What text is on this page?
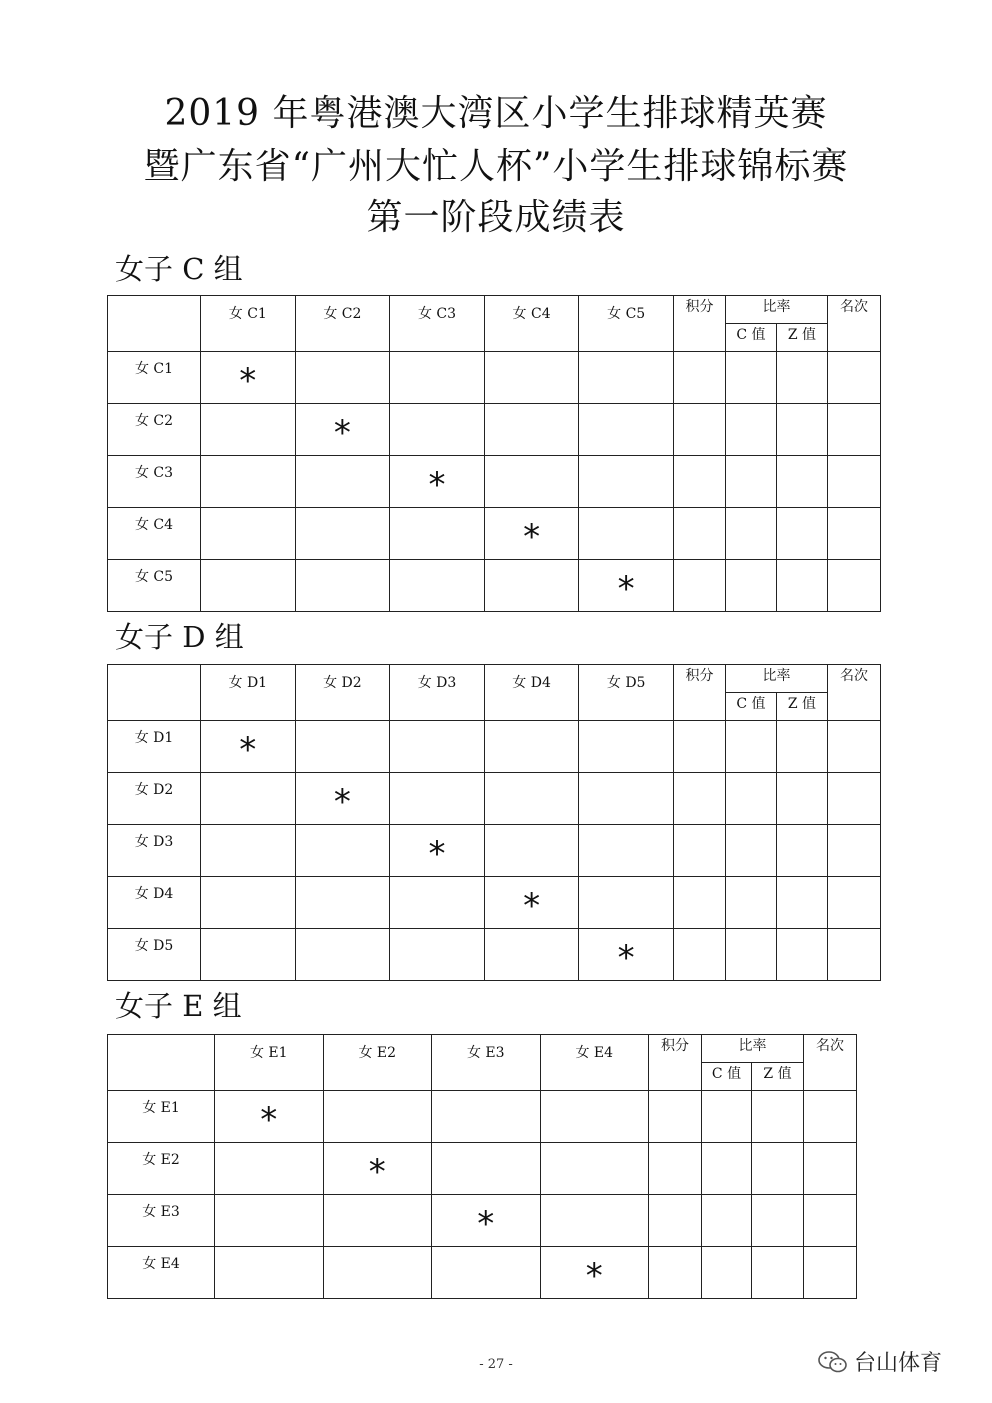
2019 年粤港澳大湾区小学生排球精英赛
暨广东省“广州大忙人杯”小学生排球锦标赛
第一阶段成绩表
女子 C 组

	女 C1	女 C2	女 C3	女 C4	女 C5	积分	比率		名次
							C 值	Z 值	

女 C1	*								

女 C2		*							

女 C3			*						

女 C4				*					

女 C5					*				

女子 D 组

	女 D1	女 D2	女 D3	女 D4	女 D5	积分	比率		名次
							C 值	Z 值	

女 D1	*								

女 D2		*							

女 D3			*						

女 D4				*					

女 D5					*				

女子 E 组

	女 E1	女 E2	女 E3	女 E4	积分	比率		名次
						C 值	Z 值	

女 E1	*							

女 E2		*						

女 E3			*					

女 E4				*				

- 27 -	台山体育
